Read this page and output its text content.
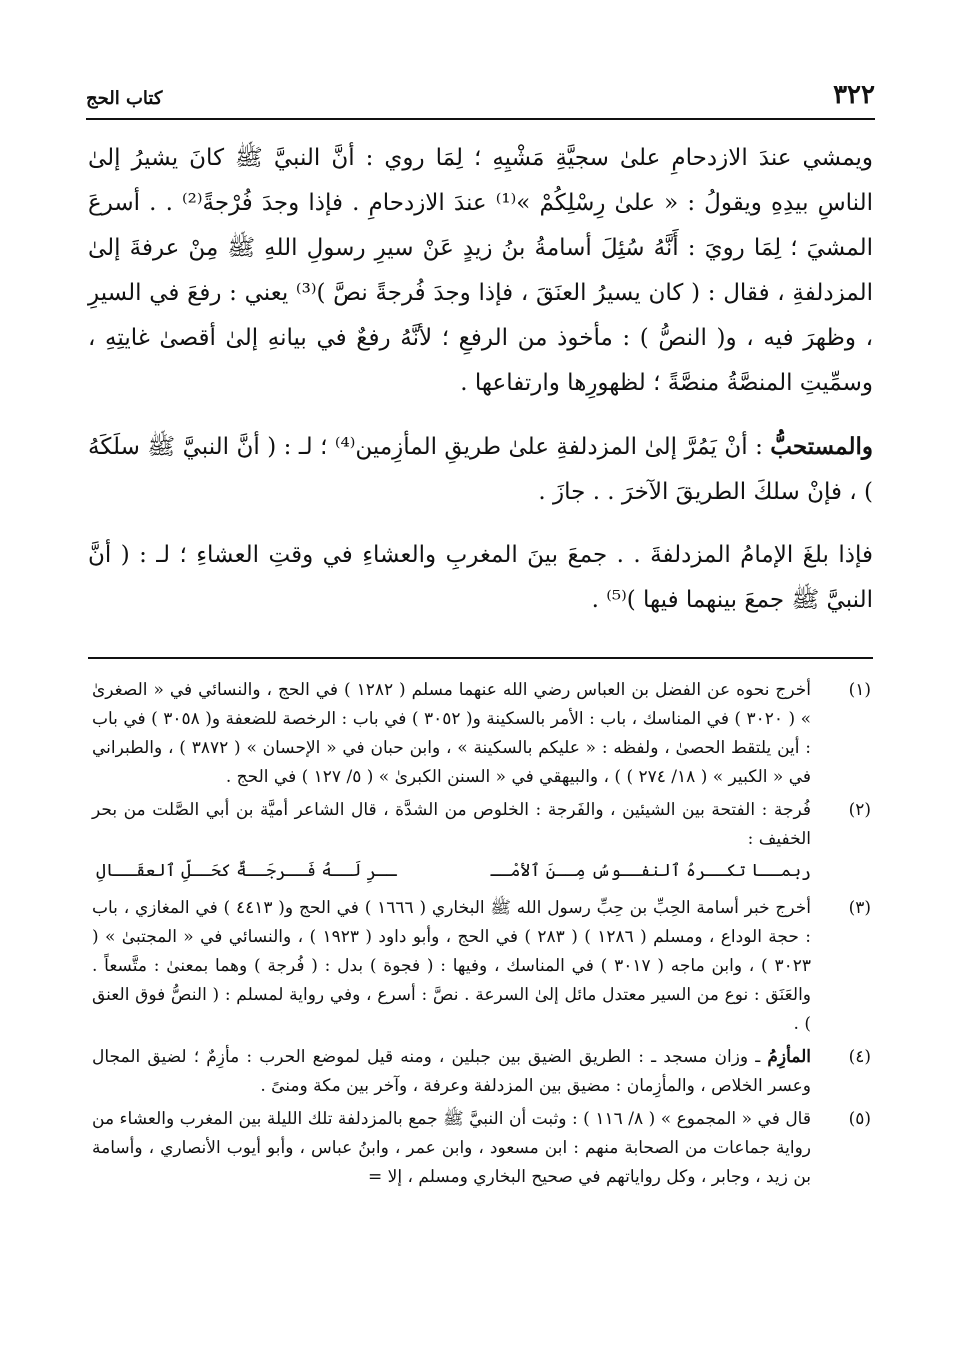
٣٢٢
كتاب الحج

ويمشي عندَ الازدحامِ علىٰ سجيَّةِ مَشْيِهِ ؛ لِمَا روي : أنَّ النبيَّ ﷺ كانَ يشيرُ إلىٰ الناسِ بيدِهِ ويقولُ : « علىٰ رِسْلِكُمْ »⁽¹⁾ عندَ الازدحامِ . فإذا وجدَ فُرْجةً⁽²⁾ . . أسرعَ المشيَ ؛ لِمَا رويَ : أَنَّهُ سُئِلَ أسامةُ بنُ زيدٍ عَنْ سيرِ رسولِ اللهِ ﷺ مِنْ عرفةَ إلىٰ المزدلفةِ ، فقال : ( كان يسيرُ العنَقَ ، فإذا وجدَ فُرجةً نصَّ )⁽³⁾ يعني : رفعَ في السيرِ ، وظهرَ فيه ، و( النصُّ ) : مأخوذ من الرفعِ ؛ لأنَّهُ رفعٌ في بيانهِ إلىٰ أقصىٰ غايتِهِ ، وسمِّيتِ المنصَّةُ منصَّةً ؛ لظهورِها وارتفاعها .

والمستحبُّ : أنْ يَمُرَّ إلىٰ المزدلفةِ علىٰ طريقِ المأزِمين⁽⁴⁾ ؛ لـ : ( أنَّ النبيَّ ﷺ سلَكَهُ ) ، فإنْ سلكَ الطريقَ الآخرَ . . جازَ .

فإذا بلغَ الإمامُ المزدلفةَ . . جمعَ بينَ المغربِ والعشاءِ في وقتِ العشاءِ ؛ لـ : ( أنَّ النبيَّ ﷺ جمعَ بينهما فيها )⁽⁵⁾ .

(١)
أخرج نحوه عن الفضل بن العباس رضي الله عنهما مسلم ( ١٢٨٢ ) في الحج ، والنسائي في « الصغرىٰ » ( ٣٠٢٠ ) في المناسك ، باب : الأمر بالسكينة و( ٣٠٥٢ ) في باب : الرخصة للضعفة و( ٣٠٥٨ ) في باب : أين يلتقط الحصىٰ ، ولفظه : « عليكم بالسكينة » ، وابن حبان في « الإحسان » ( ٣٨٧٢ ) ، والطبراني في « الكبير » ( ١٨/ ٢٧٤ ) ) ، والبيهقي في « السنن الكبرىٰ » ( ٥/ ١٢٧ ) في الحج .
(٢)
فُرجة : الفتحة بين الشيئين ، والفَرجة : الخلوص من الشدَّة ، قال الشاعر أميَّة بن أبي الصَّلت من بحر الخفيف :
ربمــا تكــرهُ ٱلنفــوسُ مِــنَ ٱلأمْــ
ــرِ لَــهُ فَــرجَــةٌ كحَــلِّ ٱلعقَــالِ
(٣)
أخرج خبر أسامة الحِبِّ بن حِبِّ رسول الله ﷺ البخاري ( ١٦٦٦ ) في الحج و( ٤٤١٣ ) في المغازي ، باب : حجة الوداع ، ومسلم ( ١٢٨٦ ) ( ٢٨٣ ) في الحج ، وأبو داود ( ١٩٢٣ ) ، والنسائي في « المجتبىٰ » ( ٣٠٢٣ ) ، وابن ماجه ( ٣٠١٧ ) في المناسك ، وفيها : ( فجوة ) بدل : ( فُرجة ) وهما بمعنىٰ : متَّسعاً . والعَنَق : نوع من السير معتدل مائل إلىٰ السرعة . نصَّ : أسرع ، وفي رواية لمسلم : ( النصُّ فوق العنق ) .
(٤)
المأزِمُ ـ وزان مسجد ـ : الطريق الضيق بين جبلين ، ومنه قيل لموضع الحرب : مأزِمٌ ؛ لضيق المجال وعسر الخلاص ، والمأزِمان : مضيق بين المزدلفة وعرفة ، وآخر بين مكة ومنىً .
(٥)
قال في « المجموع » ( ٨/ ١١٦ ) : وثبت أن النبيَّ ﷺ جمع بالمزدلفة تلك الليلة بين المغرب والعشاء من رواية جماعات من الصحابة منهم : ابن مسعود ، وابن عمر ، وابنُ عباس ، وأبو أيوب الأنصاري ، وأسامة بن زيد ، وجابر ، وكل رواياتهم في صحيح البخاري ومسلم ، إلا =
